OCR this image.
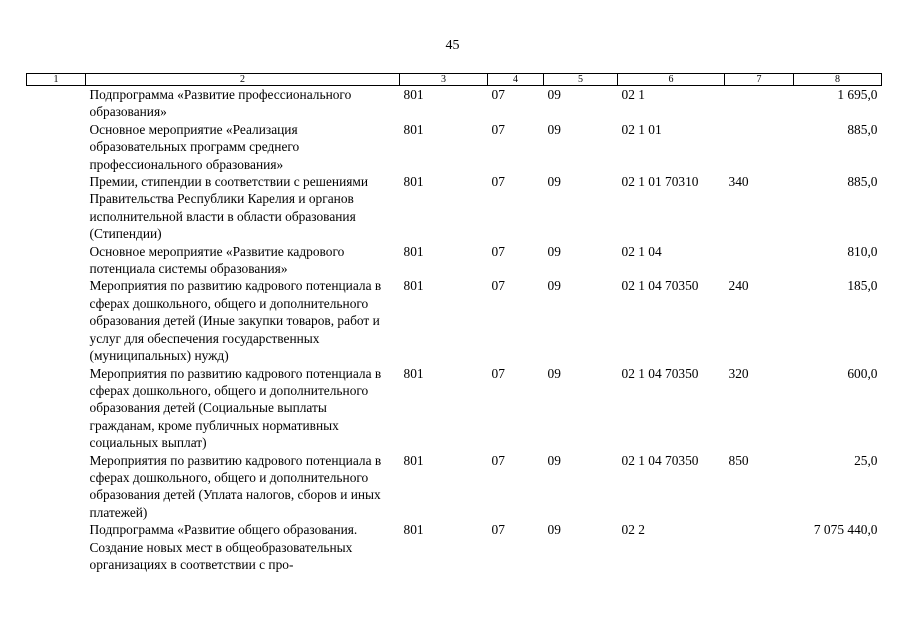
45
1	2	3	4	5	6	7	8
	Подпрограмма «Развитие профессионального образования»	801	07	09	02 1		1 695,0
	Основное мероприятие «Реализация образовательных программ среднего профессионального образования»	801	07	09	02 1 01		885,0
	Премии, стипендии в соответствии с решениями Правительства Республики Карелия и органов исполнительной власти в области образования (Стипендии)	801	07	09	02 1 01 70310	340	885,0
	Основное мероприятие «Развитие кадрового потенциала системы образования»	801	07	09	02 1 04		810,0
	Мероприятия по развитию кадрового потенциала в сферах дошкольного, общего и дополнительного образования детей (Иные закупки товаров, работ и услуг для обеспечения государственных (муниципальных) нужд)	801	07	09	02 1 04 70350	240	185,0
	Мероприятия по развитию кадрового потенциала в сферах дошкольного, общего и дополнительного образования детей (Социальные выплаты гражданам, кроме публичных нормативных социальных выплат)	801	07	09	02 1 04 70350	320	600,0
	Мероприятия по развитию кадрового потенциала в сферах дошкольного, общего и дополнительного образования детей (Уплата налогов, сборов и иных платежей)	801	07	09	02 1 04 70350	850	25,0
	Подпрограмма «Развитие общего образования. Создание новых мест в общеобразовательных организациях в соответствии с про-	801	07	09	02 2		7 075 440,0
